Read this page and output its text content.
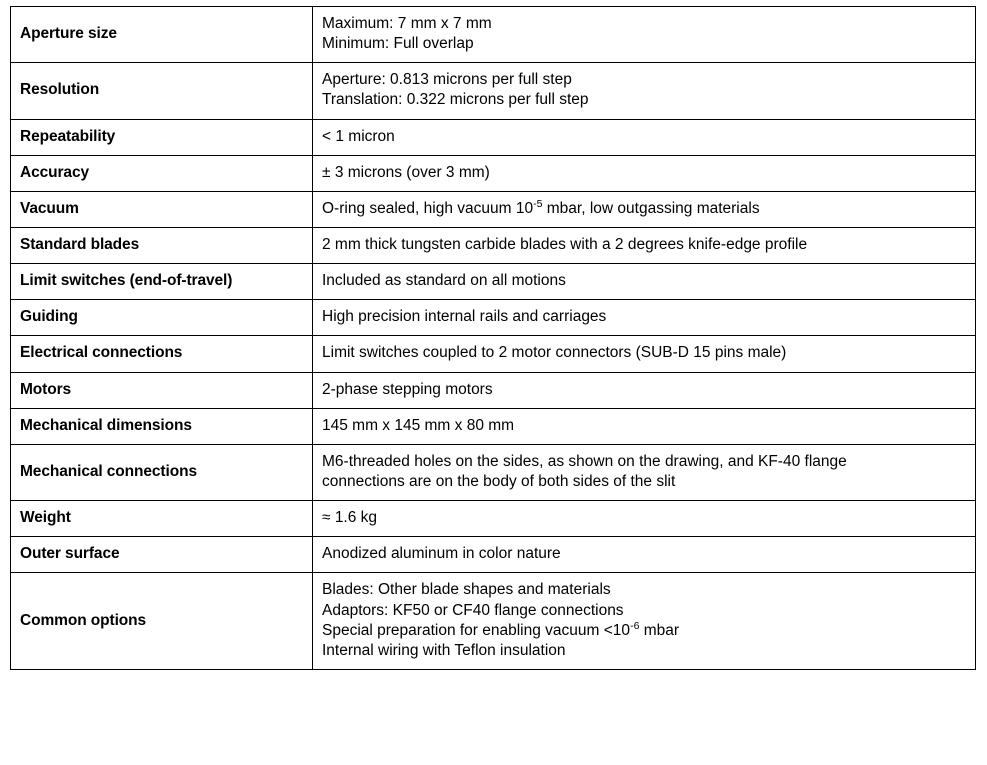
Aperture size	Maximum: 7 mm x 7 mm
Minimum: Full overlap

Resolution	Aperture: 0.813 microns per full step
Translation: 0.322 microns per full step

Repeatability	< 1 micron

Accuracy	± 3 microns (over 3 mm)

Vacuum	O-ring sealed, high vacuum $10^{-5}$ mbar, low outgassing materials

Standard blades	2 mm thick tungsten carbide blades with a 2 degrees knife-edge profile

Limit switches (end-of-travel)	Included as standard on all motions

Guiding	High precision internal rails and carriages

Electrical connections	Limit switches coupled to 2 motor connectors (SUB-D 15 pins male)

Motors	2-phase stepping motors

Mechanical dimensions	145 mm x 145 mm x 80 mm

Mechanical connections	M6-threaded holes on the sides, as shown on the drawing, and KF-40 flange
connections are on the body of both sides of the slit

Weight	≈ 1.6 kg

Outer surface	Anodized aluminum in color nature

Common options	Blades: Other blade shapes and materials
Adaptors: KF50 or CF40 flange connections
Special preparation for enabling vacuum $<10^{-6}$ mbar
Internal wiring with Teflon insulation
